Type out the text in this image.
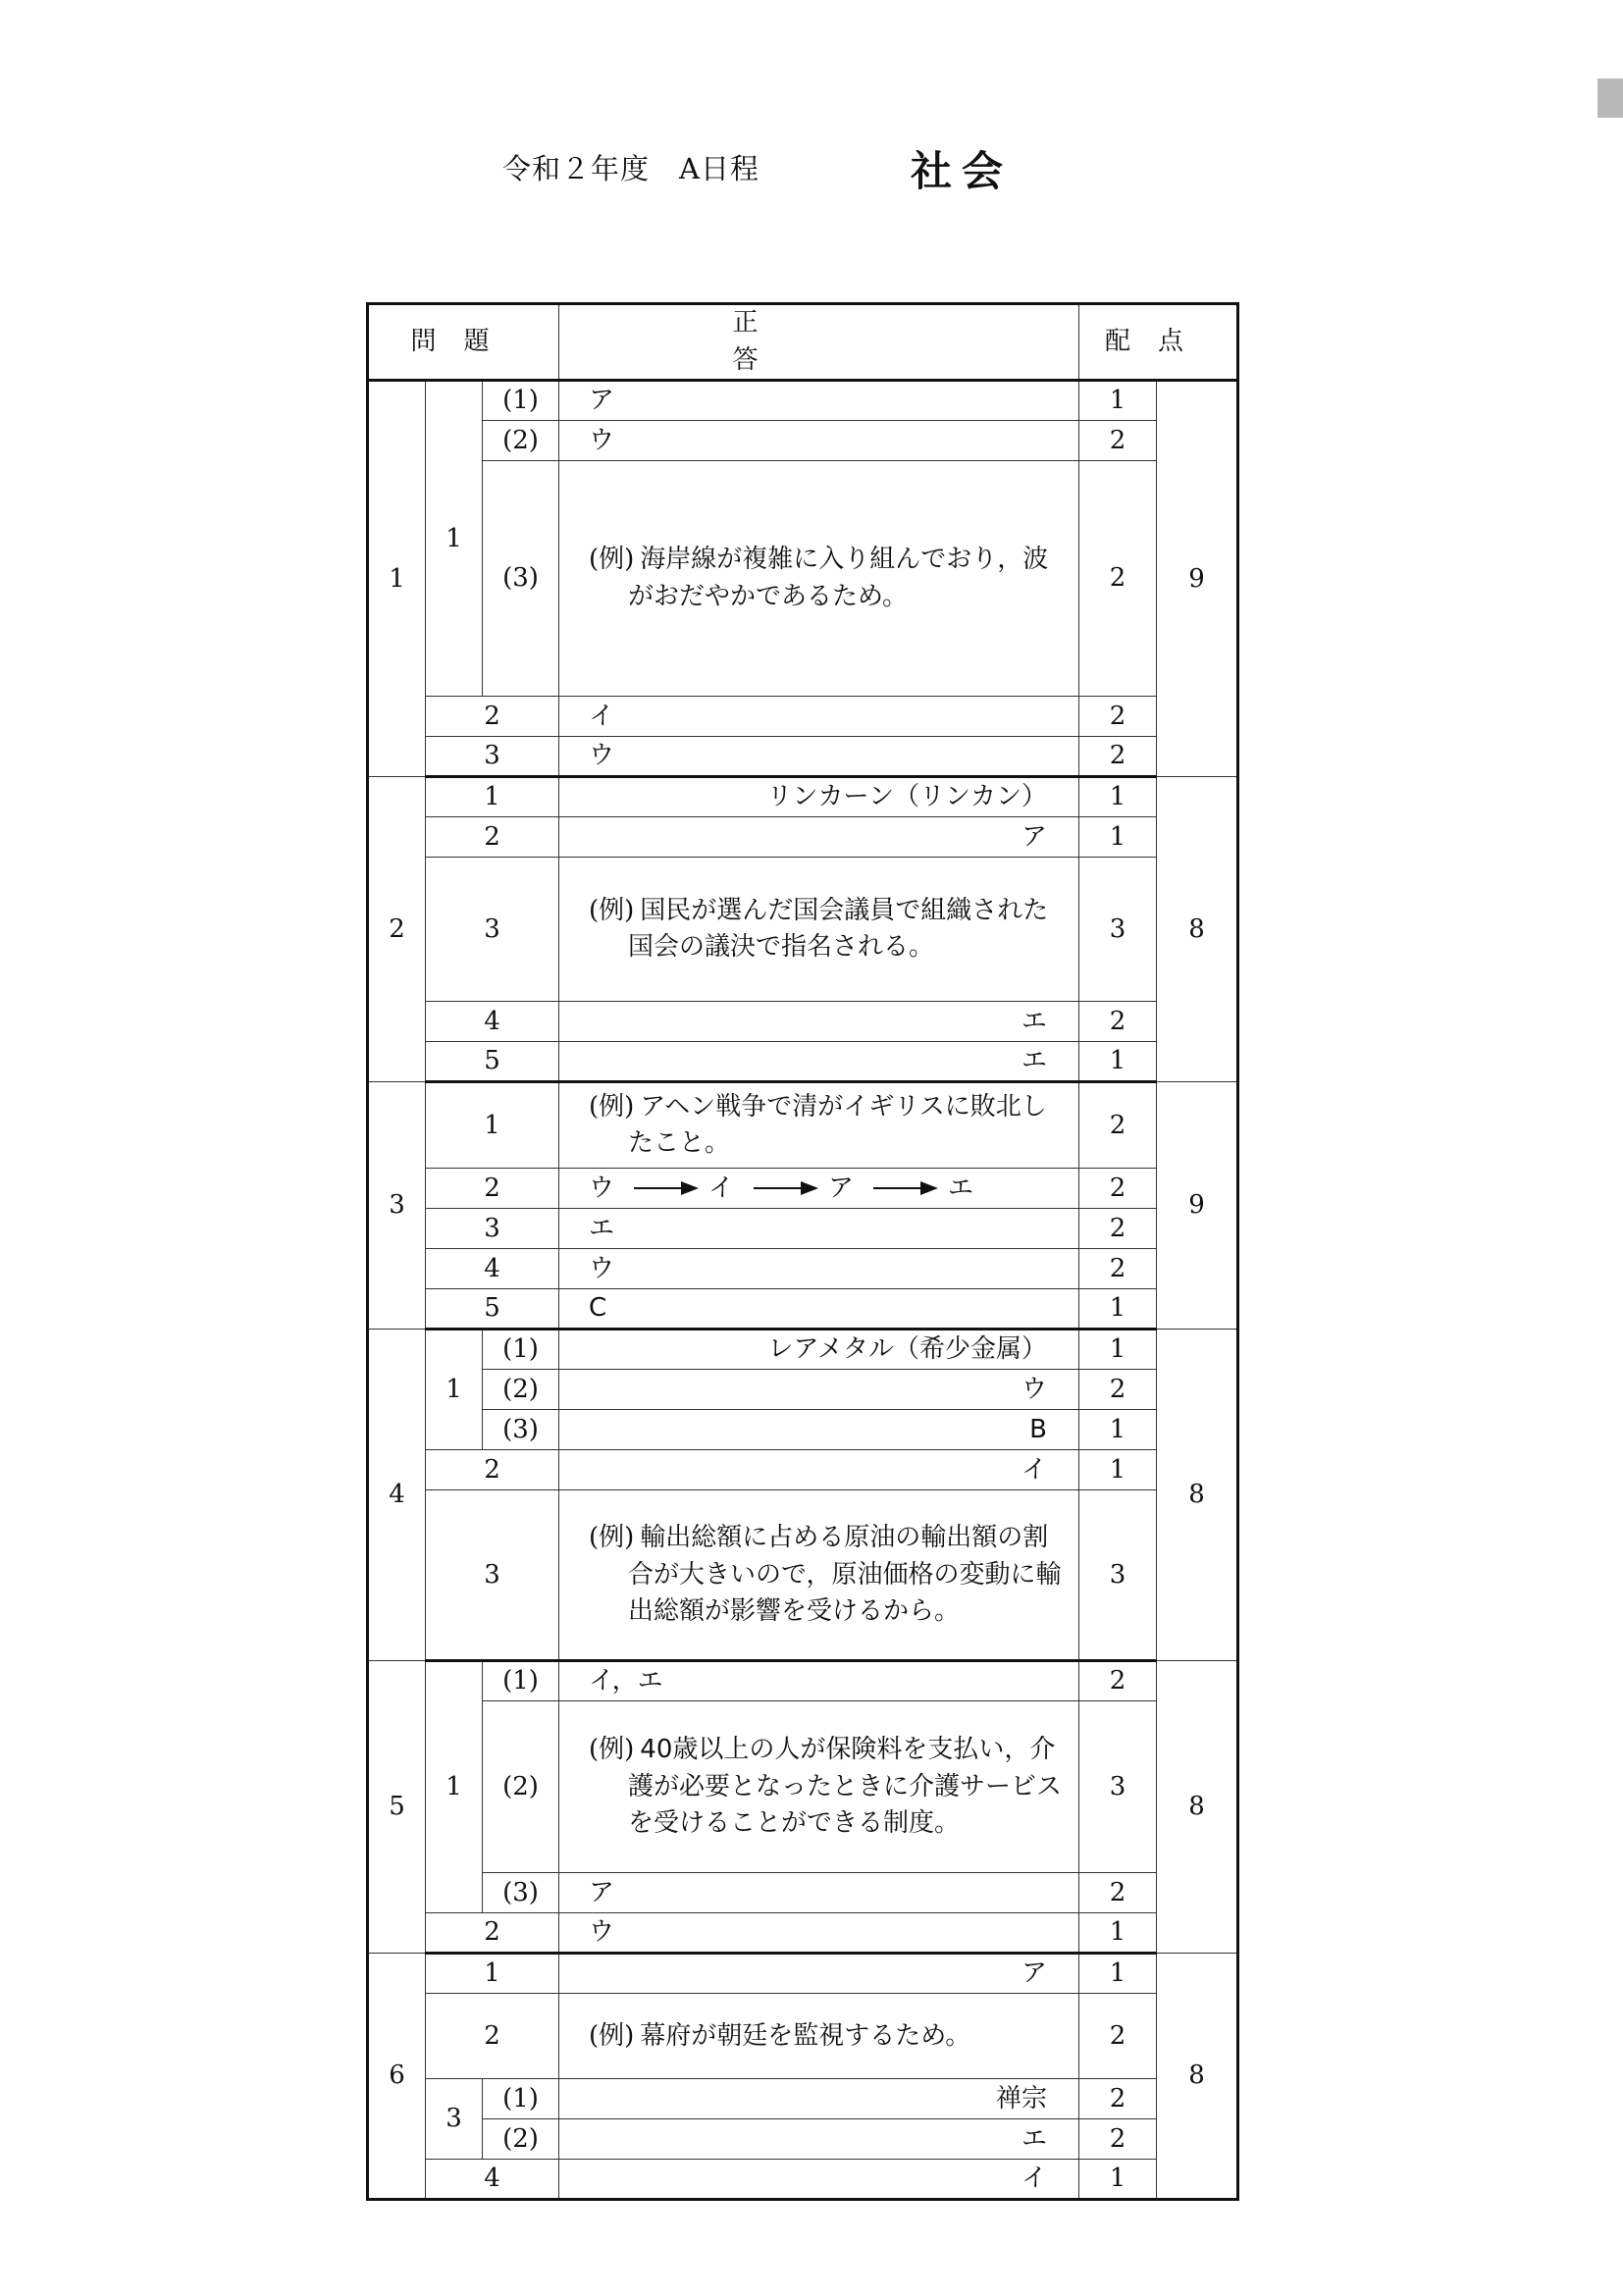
令和２年度　A日程	社会
問題			正答	配点	
1	1	(1)	ア	1	9
		(2)	ウ	2	
		(3)	(例) 海岸線が複雑に入り組んでおり，波がおだやかであるため。	2	
	2		イ	2	
	3		ウ	2	
2	1		リンカーン（リンカン）	1	8
	2		ア	1	
	3		(例) 国民が選んだ国会議員で組織された国会の議決で指名される。	3	
	4		エ	2	
	5		エ	1	
3	1		(例) アヘン戦争で清がイギリスに敗北したこと。	2	9
	2		ウ イ ア エ	2	
	3		エ	2	
	4		ウ	2	
	5		C	1	
4	1	(1)	レアメタル（希少金属）	1	8
		(2)	ウ	2	
		(3)	B	1	
	2		イ	1	
	3		(例) 輸出総額に占める原油の輸出額の割合が大きいので，原油価格の変動に輸出総額が影響を受けるから。	3	
5	1	(1)	イ，エ	2	8
		(2)	(例) 40歳以上の人が保険料を支払い，介護が必要となったときに介護サービスを受けることができる制度。	3	
		(3)	ア	2	
	2		ウ	1	
6	1		ア	1	8
	2		(例) 幕府が朝廷を監視するため。	2	
	3	(1)	禅宗	2	
		(2)	エ	2	
	4		イ	1	
